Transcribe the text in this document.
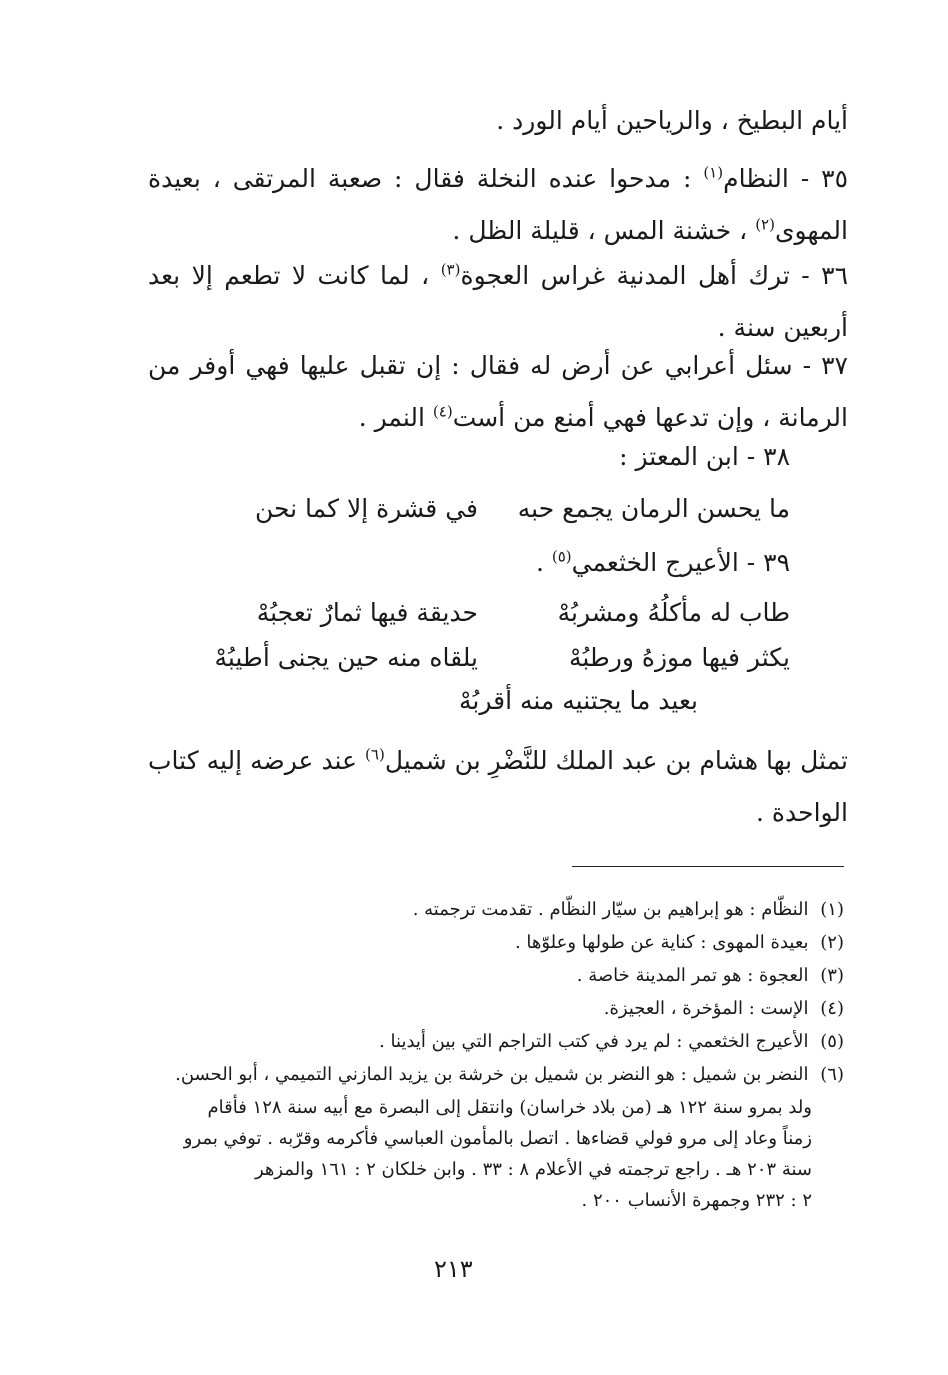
أيام البطيخ ، والرياحين أيام الورد .
٣٥ - النظام$^{(١)}$ : مدحوا عنده النخلة فقال : صعبة المرتقى ، بعيدة المهوى$^{(٢)}$ ، خشنة المس ، قليلة الظل .
٣٦ - ترك أهل المدنية غراس العجوة$^{(٣)}$ ، لما كانت لا تطعم إلا بعد أربعين سنة .
٣٧ - سئل أعرابي عن أرض له فقال : إن تقبل عليها فهي أوفر من الرمانة ، وإن تدعها فهي أمنع من أست$^{(٤)}$ النمر .
٣٨ - ابن المعتز :
ما يحسن الرمان يجمع حبه
في قشرة إلا كما نحن
٣٩ - الأعيرج الخثعمي$^{(٥)}$ .
طاب له مأكلُهُ ومشربُهْ
حديقة فيها ثمارٌ تعجبُهْ
يكثر فيها موزهُ ورطبُهْ
يلقاه منه حين يجنى أطيبُهْ
بعيد ما يجتنيه منه أقربُهْ
تمثل بها هشام بن عبد الملك للنَّضْرِ بن شميل$^{(٦)}$ عند عرضه إليه كتاب الواحدة .
(١) النظّام : هو إبراهيم بن سيّار النظّام . تقدمت ترجمته .
(٢) بعيدة المهوى : كناية عن طولها وعلوّها .
(٣) العجوة : هو تمر المدينة خاصة .
(٤) الإست : المؤخرة ، العجيزة.
(٥) الأعيرج الخثعمي : لم يرد في كتب التراجم التي بين أيدينا .
(٦) النضر بن شميل : هو النضر بن شميل بن خرشة بن يزيد المازني التميمي ، أبو الحسن.
ولد بمرو سنة ١٢٢ هـ (من بلاد خراسان) وانتقل إلى البصرة مع أبيه سنة ١٢٨ فأقام
زمناً وعاد إلى مرو فولي قضاءها . اتصل بالمأمون العباسي فأكرمه وقرّبه . توفي بمرو
سنة ٢٠٣ هـ . راجع ترجمته في الأعلام ٨ : ٣٣ . وابن خلكان ٢ : ١٦١ والمزهر
٢ : ٢٣٢ وجمهرة الأنساب ٢٠٠ .
٢١٣
